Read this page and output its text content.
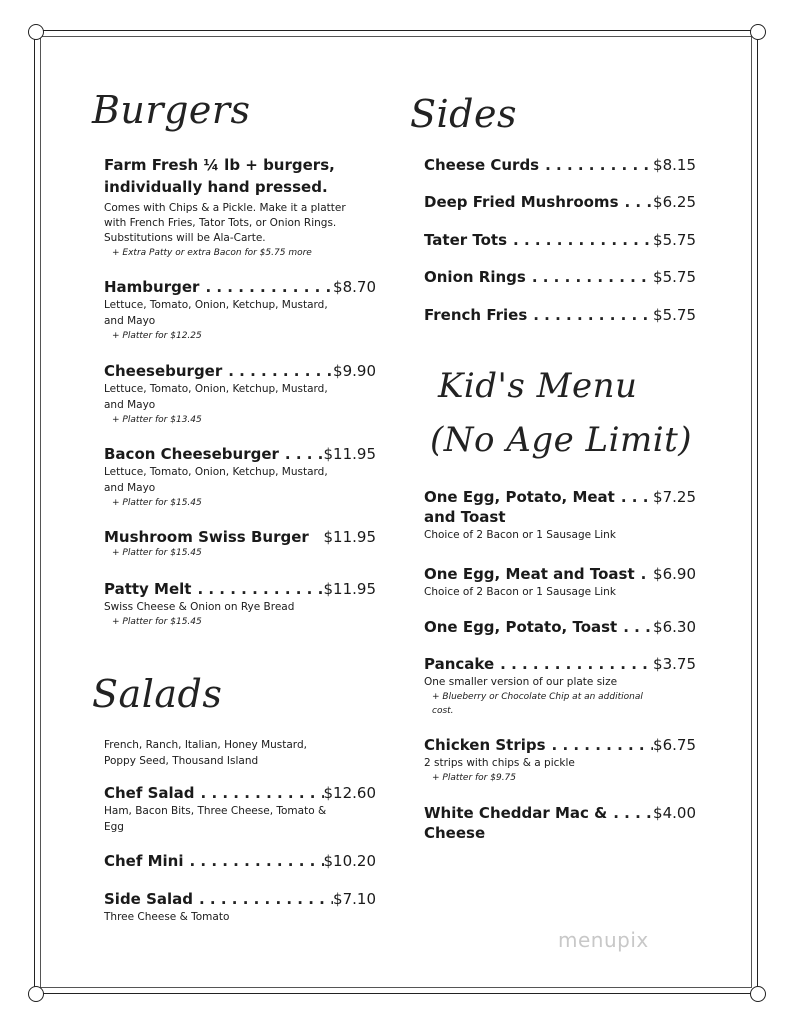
Burgers
Farm Fresh ¼ lb + burgers, individually hand pressed.
Comes with Chips & a Pickle. Make it a platter with French Fries, Tator Tots, or Onion Rings. Substitutions will be Ala-Carte.
+ Extra Patty or extra Bacon for $5.75 more
Hamburger . . .	$8.70
Lettuce, Tomato, Onion, Ketchup, Mustard, and Mayo
+ Platter for $12.25
Cheeseburger . . .	$9.90
Lettuce, Tomato, Onion, Ketchup, Mustard, and Mayo
+ Platter for $13.45
Bacon Cheeseburger . . .	$11.95
Lettuce, Tomato, Onion, Ketchup, Mustard, and Mayo
+ Platter for $15.45
Mushroom Swiss Burger $11.95
+ Platter for $15.45
Patty Melt . . .	$11.95
Swiss Cheese & Onion on Rye Bread
+ Platter for $15.45
Salads
French, Ranch, Italian, Honey Mustard, Poppy Seed, Thousand Island
Chef Salad . . .	$12.60
Ham, Bacon Bits, Three Cheese, Tomato & Egg
Chef Mini . . .	$10.20
Side Salad . . .	$7.10
Three Cheese & Tomato
Sides
Cheese Curds . . .	$8.15
Deep Fried Mushrooms . . . $6.25
Tater Tots . . .	$5.75
Onion Rings . . .	$5.75
French Fries . . .	$5.75
Kid's Menu
(No Age Limit)
One Egg, Potato, Meat . . .	$7.25
and Toast
Choice of 2 Bacon or 1 Sausage Link
One Egg, Meat and Toast . . . $6.90
Choice of 2 Bacon or 1 Sausage Link
One Egg, Potato, Toast . . . $6.30
Pancake . . .	$3.75
One smaller version of our plate size
+ Blueberry or Chocolate Chip at an additional cost.
Chicken Strips . . .	$6.75
2 strips with chips & a pickle
+ Platter for $9.75
White Cheddar Mac & . . .	$4.00
Cheese
menupix
